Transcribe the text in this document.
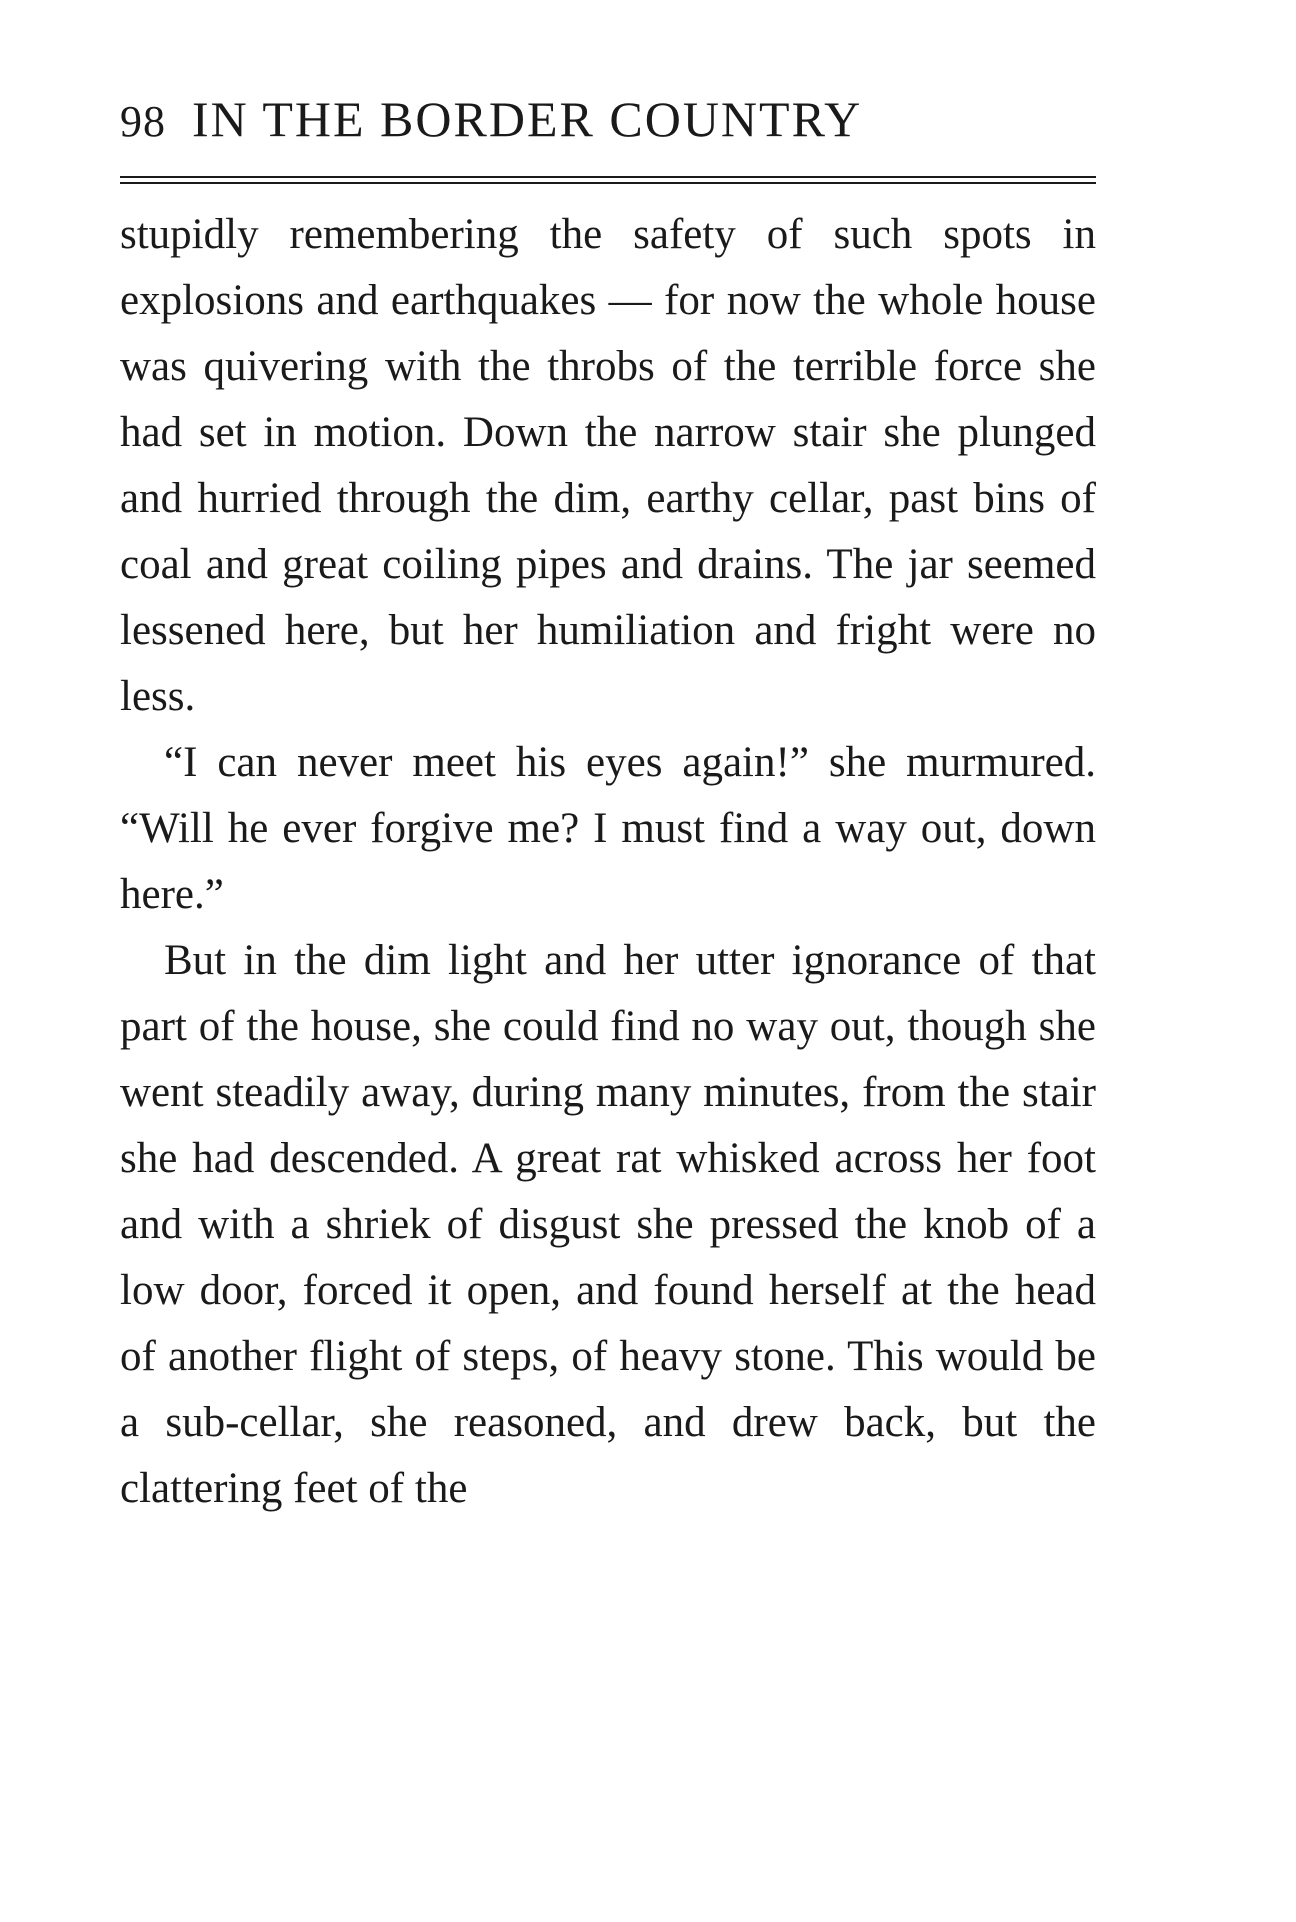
98 IN THE BORDER COUNTRY

stupidly remembering the safety of such spots in explosions and earthquakes — for now the whole house was quivering with the throbs of the terrible force she had set in motion. Down the narrow stair she plunged and hurried through the dim, earthy cellar, past bins of coal and great coiling pipes and drains. The jar seemed lessened here, but her humiliation and fright were no less.

“I can never meet his eyes again!” she murmured. “Will he ever forgive me? I must find a way out, down here.”

But in the dim light and her utter ignorance of that part of the house, she could find no way out, though she went steadily away, during many minutes, from the stair she had descended. A great rat whisked across her foot and with a shriek of disgust she pressed the knob of a low door, forced it open, and found herself at the head of another flight of steps, of heavy stone. This would be a sub-cellar, she reasoned, and drew back, but the clattering feet of the
